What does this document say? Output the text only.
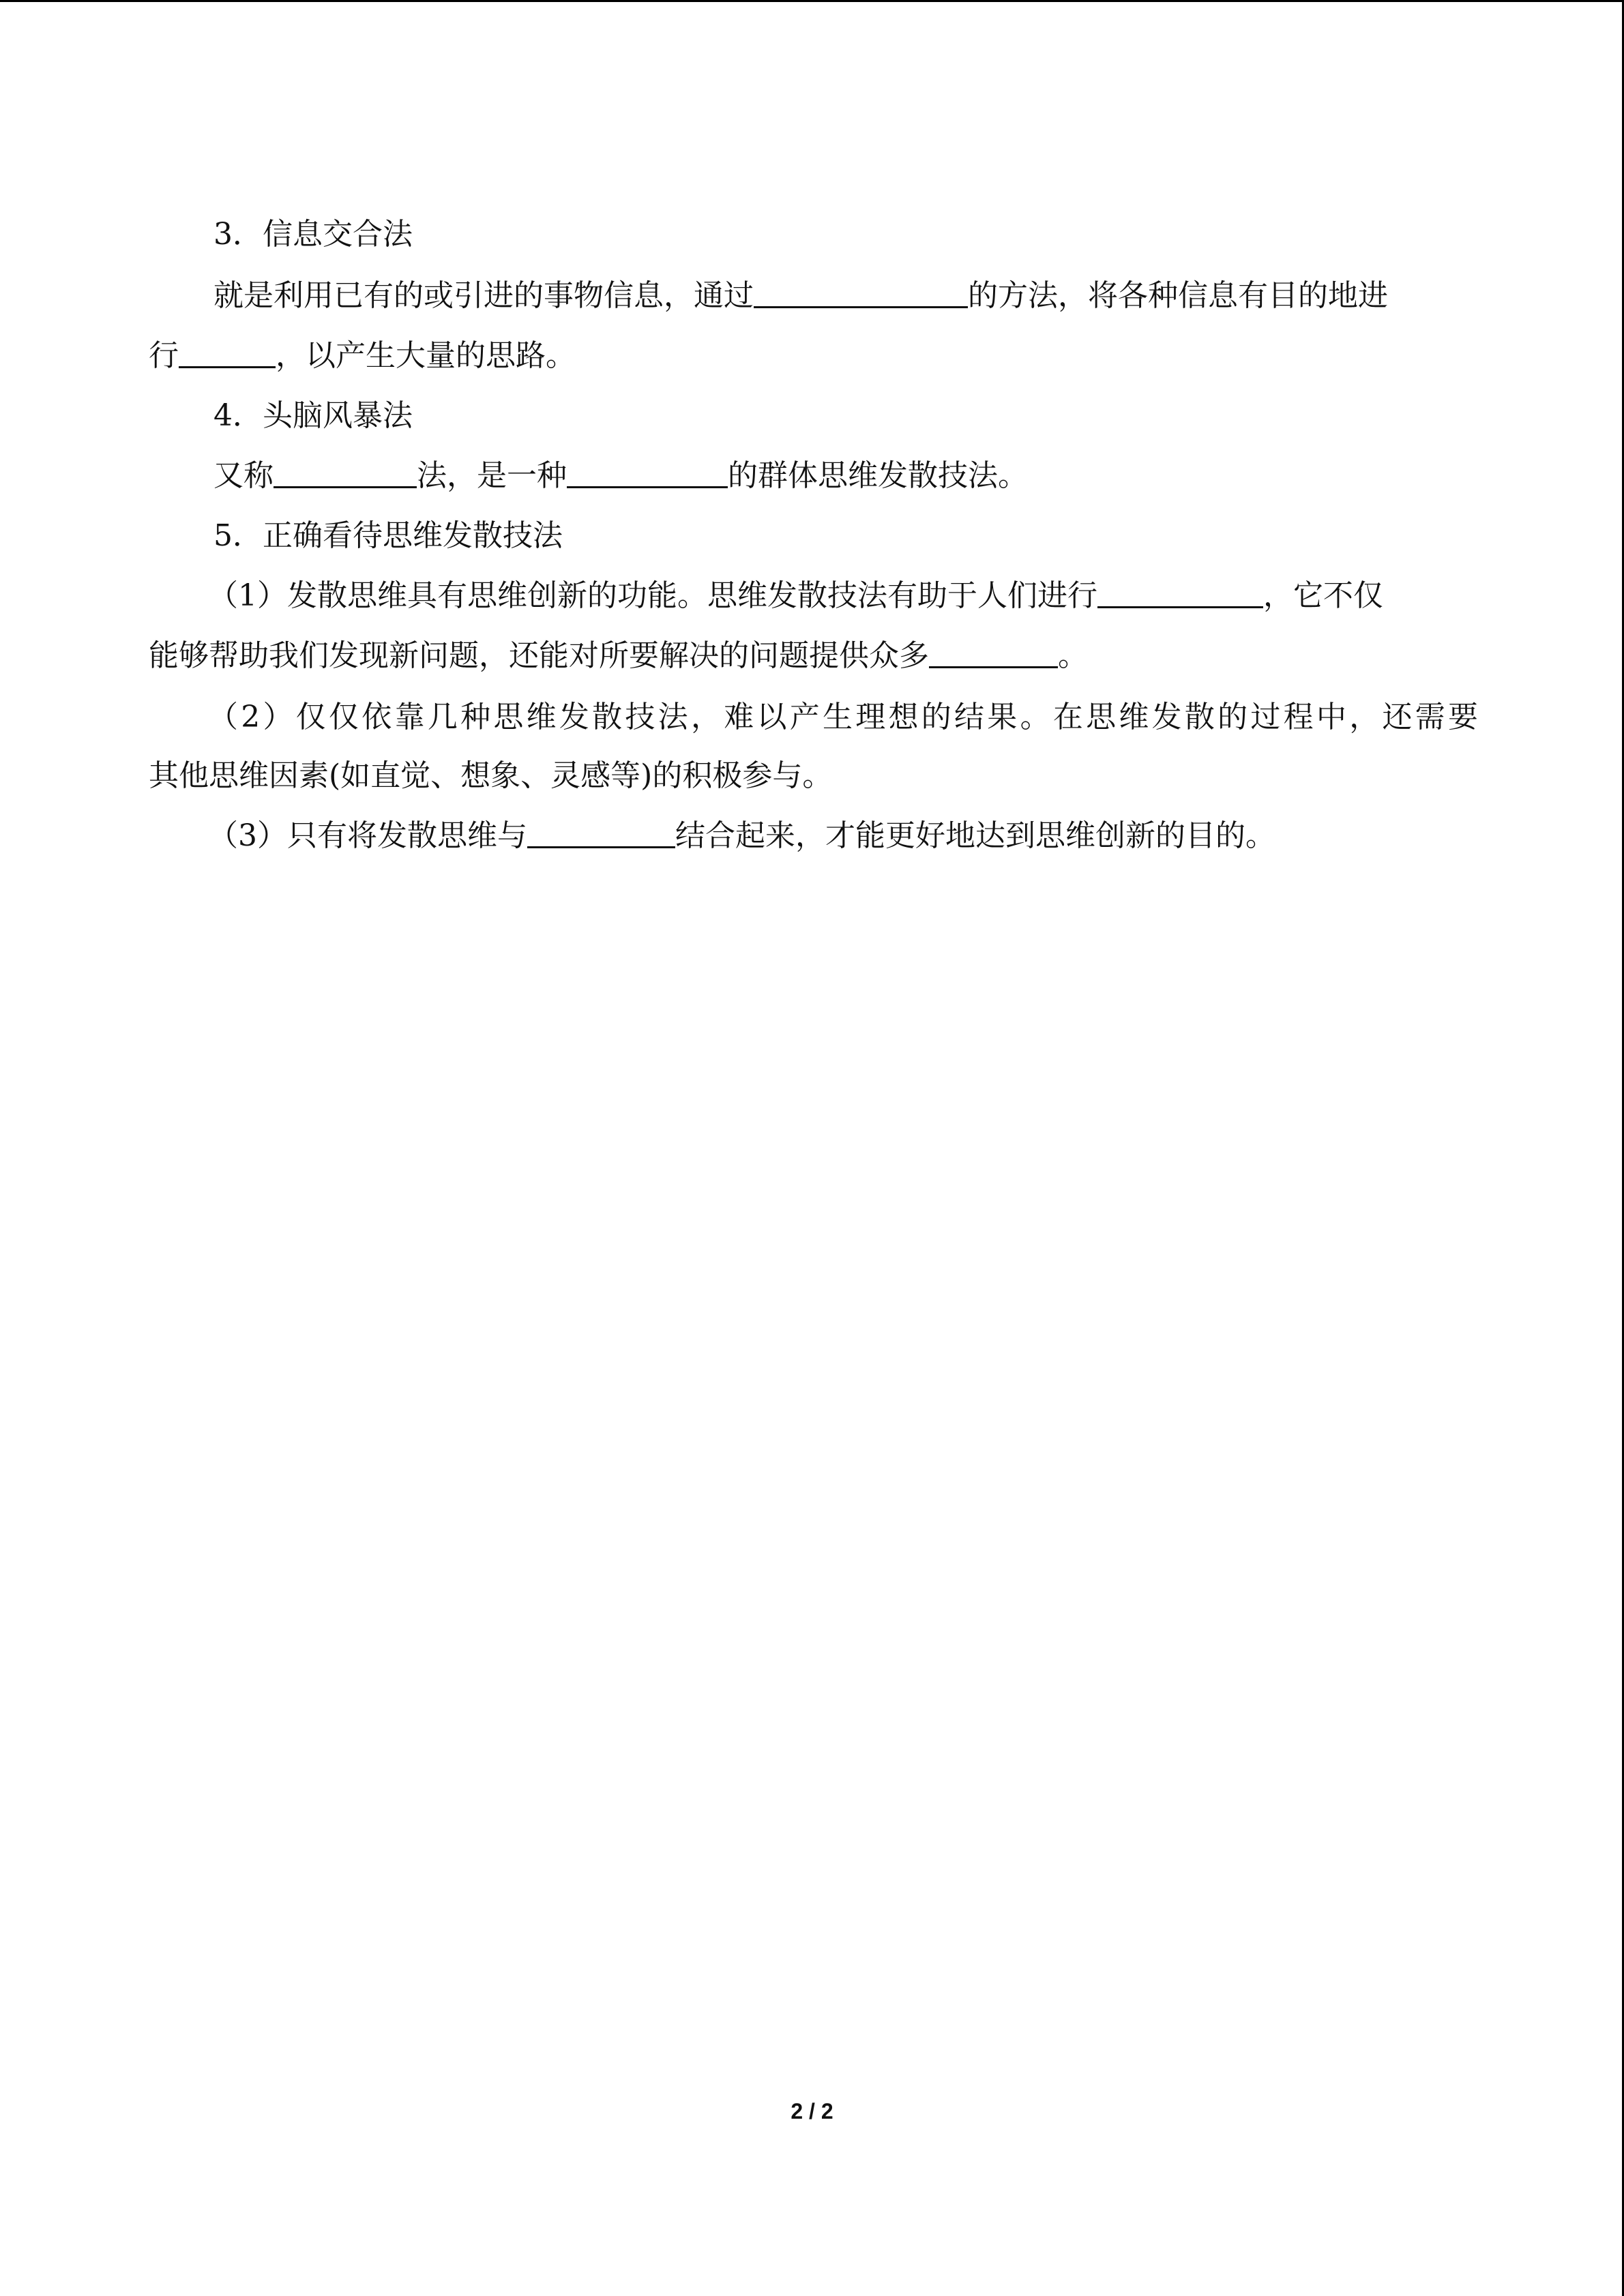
3．信息交合法
就是利用已有的或引进的事物信息，通过	的方法，将各种信息有目的地进
行	，以产生大量的思路。
4．头脑风暴法
又称	法，是一种	的群体思维发散技法。
5．正确看待思维发散技法
（1）发散思维具有思维创新的功能。思维发散技法有助于人们进行	，它不仅
能够帮助我们发现新问题，还能对所要解决的问题提供众多	。
（2）仅仅依靠几种思维发散技法，难以产生理想的结果。在思维发散的过程中，还需要
其他思维因素(如直觉、想象、灵感等)的积极参与。
（3）只有将发散思维与	结合起来，才能更好地达到思维创新的目的。
2 / 2
